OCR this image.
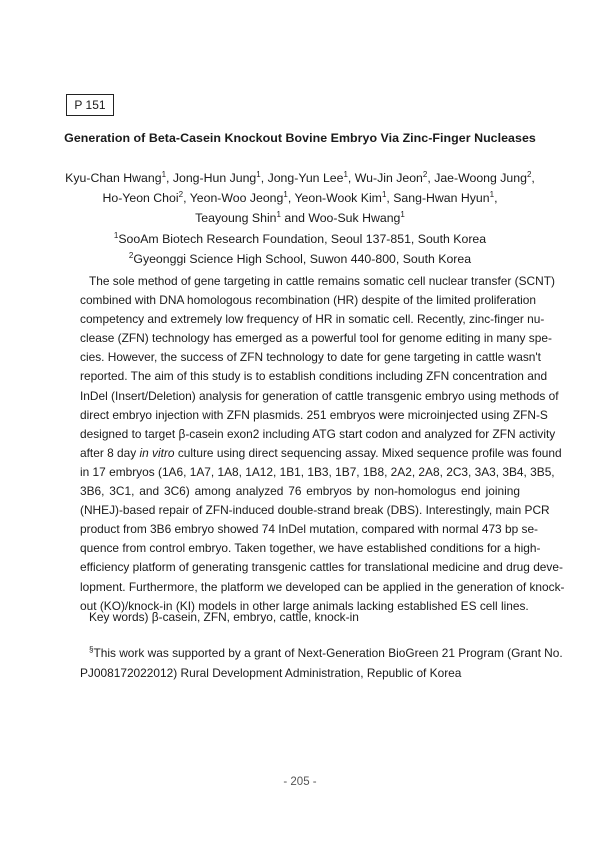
P 151
Generation of Beta-Casein Knockout Bovine Embryo Via Zinc-Finger Nucleases
Kyu-Chan Hwang$^1$, Jong-Hun Jung$^1$, Jong-Yun Lee$^1$, Wu-Jin Jeon$^2$, Jae-Woong Jung$^2$,
Ho-Yeon Choi$^2$, Yeon-Woo Jeong$^1$, Yeon-Wook Kim$^1$, Sang-Hwan Hyun$^1$,
Teayoung Shin$^1$ and Woo-Suk Hwang$^1$
$^1$SooAm Biotech Research Foundation, Seoul 137-851, South Korea
$^2$Gyeonggi Science High School, Suwon 440-800, South Korea
The sole method of gene targeting in cattle remains somatic cell nuclear transfer (SCNT)
combined with DNA homologous recombination (HR) despite of the limited proliferation
competency and extremely low frequency of HR in somatic cell. Recently, zinc-finger nu-
clease (ZFN) technology has emerged as a powerful tool for genome editing in many spe-
cies. However, the success of ZFN technology to date for gene targeting in cattle wasn't
reported. The aim of this study is to establish conditions including ZFN concentration and
InDel (Insert/Deletion) analysis for generation of cattle transgenic embryo using methods of
direct embryo injection with ZFN plasmids. 251 embryos were microinjected using ZFN-S
designed to target β-casein exon2 including ATG start codon and analyzed for ZFN activity
after 8 day in vitro culture using direct sequencing assay. Mixed sequence profile was found
in 17 embryos (1A6, 1A7, 1A8, 1A12, 1B1, 1B3, 1B7, 1B8, 2A2, 2A8, 2C3, 3A3, 3B4, 3B5,
3B6, 3C1, and 3C6) among analyzed 76 embryos by non-homologus end joining
(NHEJ)-based repair of ZFN-induced double-strand break (DBS). Interestingly, main PCR
product from 3B6 embryo showed 74 InDel mutation, compared with normal 473 bp se-
quence from control embryo. Taken together, we have established conditions for a high-
efficiency platform of generating transgenic cattles for translational medicine and drug deve-
lopment. Furthermore, the platform we developed can be applied in the generation of knock-
out (KO)/knock-in (KI) models in other large animals lacking established ES cell lines.

Key words) β-casein, ZFN, embryo, cattle, knock-in

§This work was supported by a grant of Next-Generation BioGreen 21 Program (Grant No.
PJ008172022012) Rural Development Administration, Republic of Korea
- 205 -
